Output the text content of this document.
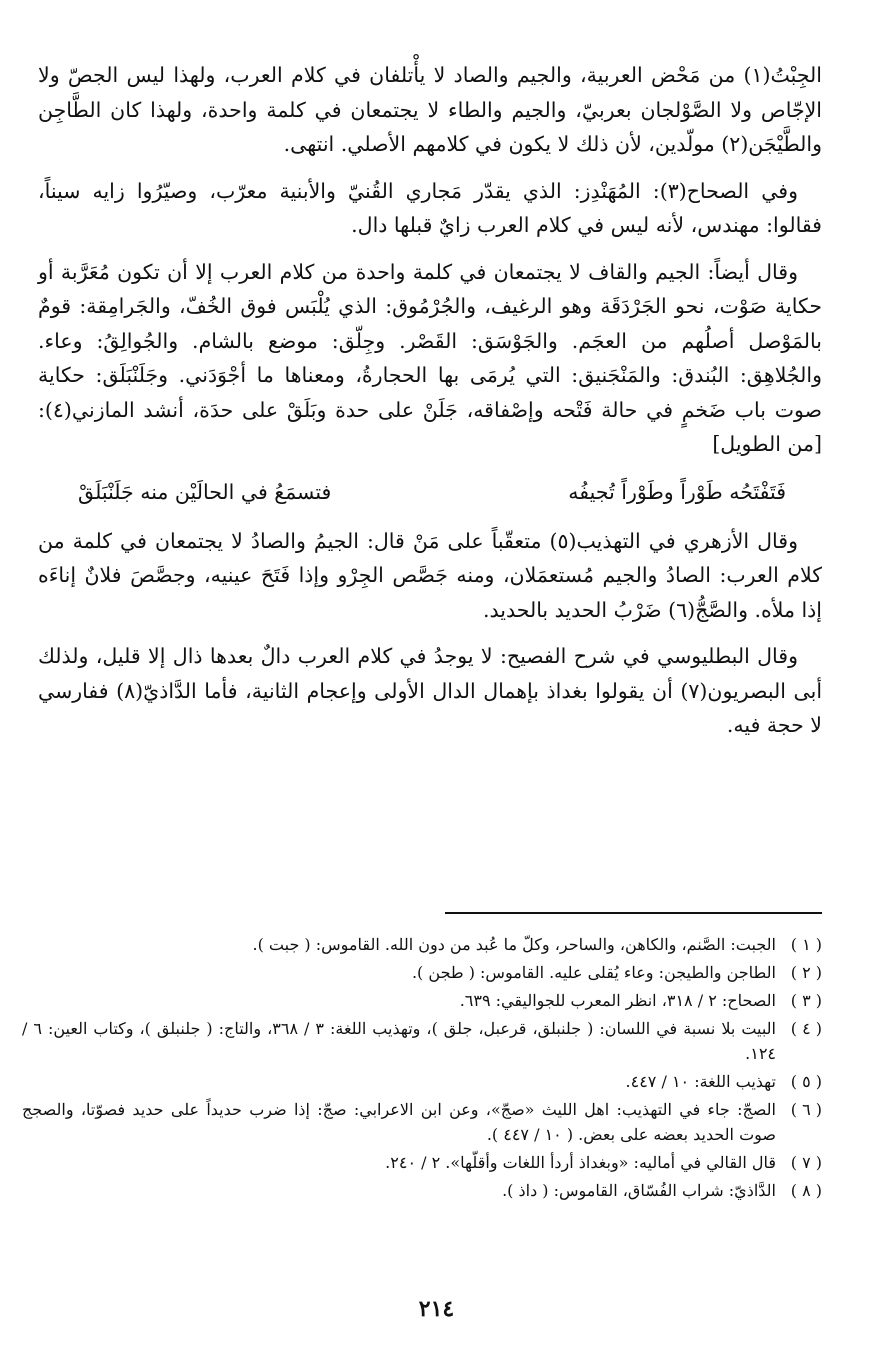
الجِبْتُ(١) من مَحْض العربية، والجيم والصاد لا يأْتلفان في كلام العرب، ولهذا ليس الجصّ ولا الإجّاص ولا الصَّوْلجان بعربيّ، والجيم والطاء لا يجتمعان في كلمة واحدة، ولهذا كان الطَّاجِن والطَّيْجَن(٢) مولّدين، لأن ذلك لا يكون في كلامهم الأصلي. انتهى.

وفي الصحاح(٣): المُهَنْدِز: الذي يقدّر مَجاري القُنيّ والأبنية معرّب، وصيّرُوا زايه سيناً، فقالوا: مهندس، لأنه ليس في كلام العرب زايٌ قبلها دال.

وقال أيضاً: الجيم والقاف لا يجتمعان في كلمة واحدة من كلام العرب إلا أن تكون مُعَرَّبة أو حكاية صَوْت، نحو الجَرْدَقَة وهو الرغيف، والجُرْمُوق: الذي يُلْبَس فوق الخُفّ، والجَرامِقة: قومٌ بالمَوْصل أصلُهم من العجَم. والجَوْسَق: القَصْر. وجِلّق: موضع بالشام. والجُوالِقُ: وعاء. والجُلاهِق: البُندق: والمَنْجَنيق: التي يُرمَى بها الحجارةُ، ومعناها ما أجْوَدَني. وجَلَنْبَلَق: حكاية صوت باب ضَخمٍ في حالة فَتْحه وإصْفاقه، جَلَنْ على حدة وبَلَقْ على حدَة، أنشد المازني(٤): [من الطويل]

فَتَفْتَحُه طَوْراً وطَوْراً تُجيفُه
فتسمَعُ في الحالَيْن منه جَلَنْبَلَقْ

وقال الأزهري في التهذيب(٥) متعقّباً على مَنْ قال: الجيمُ والصادُ لا يجتمعان في كلمة من كلام العرب: الصادُ والجيم مُستعمَلان، ومنه جَصَّص الجِرْو وإذا فَتَحَ عينيه، وجصَّصَ فلانٌ إناءَه إذا ملأه. والصَّجُّ(٦) ضَرْبُ الحديد بالحديد.

وقال البطليوسي في شرح الفصيح: لا يوجدُ في كلام العرب دالٌ بعدها ذال إلا قليل، ولذلك أبى البصريون(٧) أن يقولوا بغداذ بإهمال الدال الأولى وإعجام الثانية، فأما الدَّاذيّ(٨) ففارسي لا حجة فيه.

( ١ )
الجبت: الصَّنم، والكاهن، والساحر، وكلّ ما عُبد من دون الله. القاموس: ( جبت ).
( ٢ )
الطاجن والطيجن: وعاء يُقلى عليه. القاموس: ( طجن ).
( ٣ )
الصحاح: ٢ / ٣١٨، انظر المعرب للجواليقي: ٦٣٩.
( ٤ )
البيت بلا نسبة في اللسان: ( جلنبلق، قرعبل، جلق )، وتهذيب اللغة: ٣ / ٣٦٨، والتاج: ( جلنبلق )، وكتاب العين: ٦ / ١٢٤.
( ٥ )
تهذيب اللغة: ١٠ / ٤٤٧.
( ٦ )
الصجّ: جاء في التهذيب: اهل الليث «صجّ»، وعن ابن الاعرابي: صجّ: إذا ضرب حديداً على حديد فصوّتا، والصجج صوت الحديد بعضه على بعض. ( ١٠ / ٤٤٧ ).
( ٧ )
قال القالي في أماليه: «وبغداذ أردأ اللغات وأقلّها». ٢ / ٢٤٠.
( ٨ )
الدَّاذيّ: شراب الفُسّاق، القاموس: ( داذ ).
٢١٤
